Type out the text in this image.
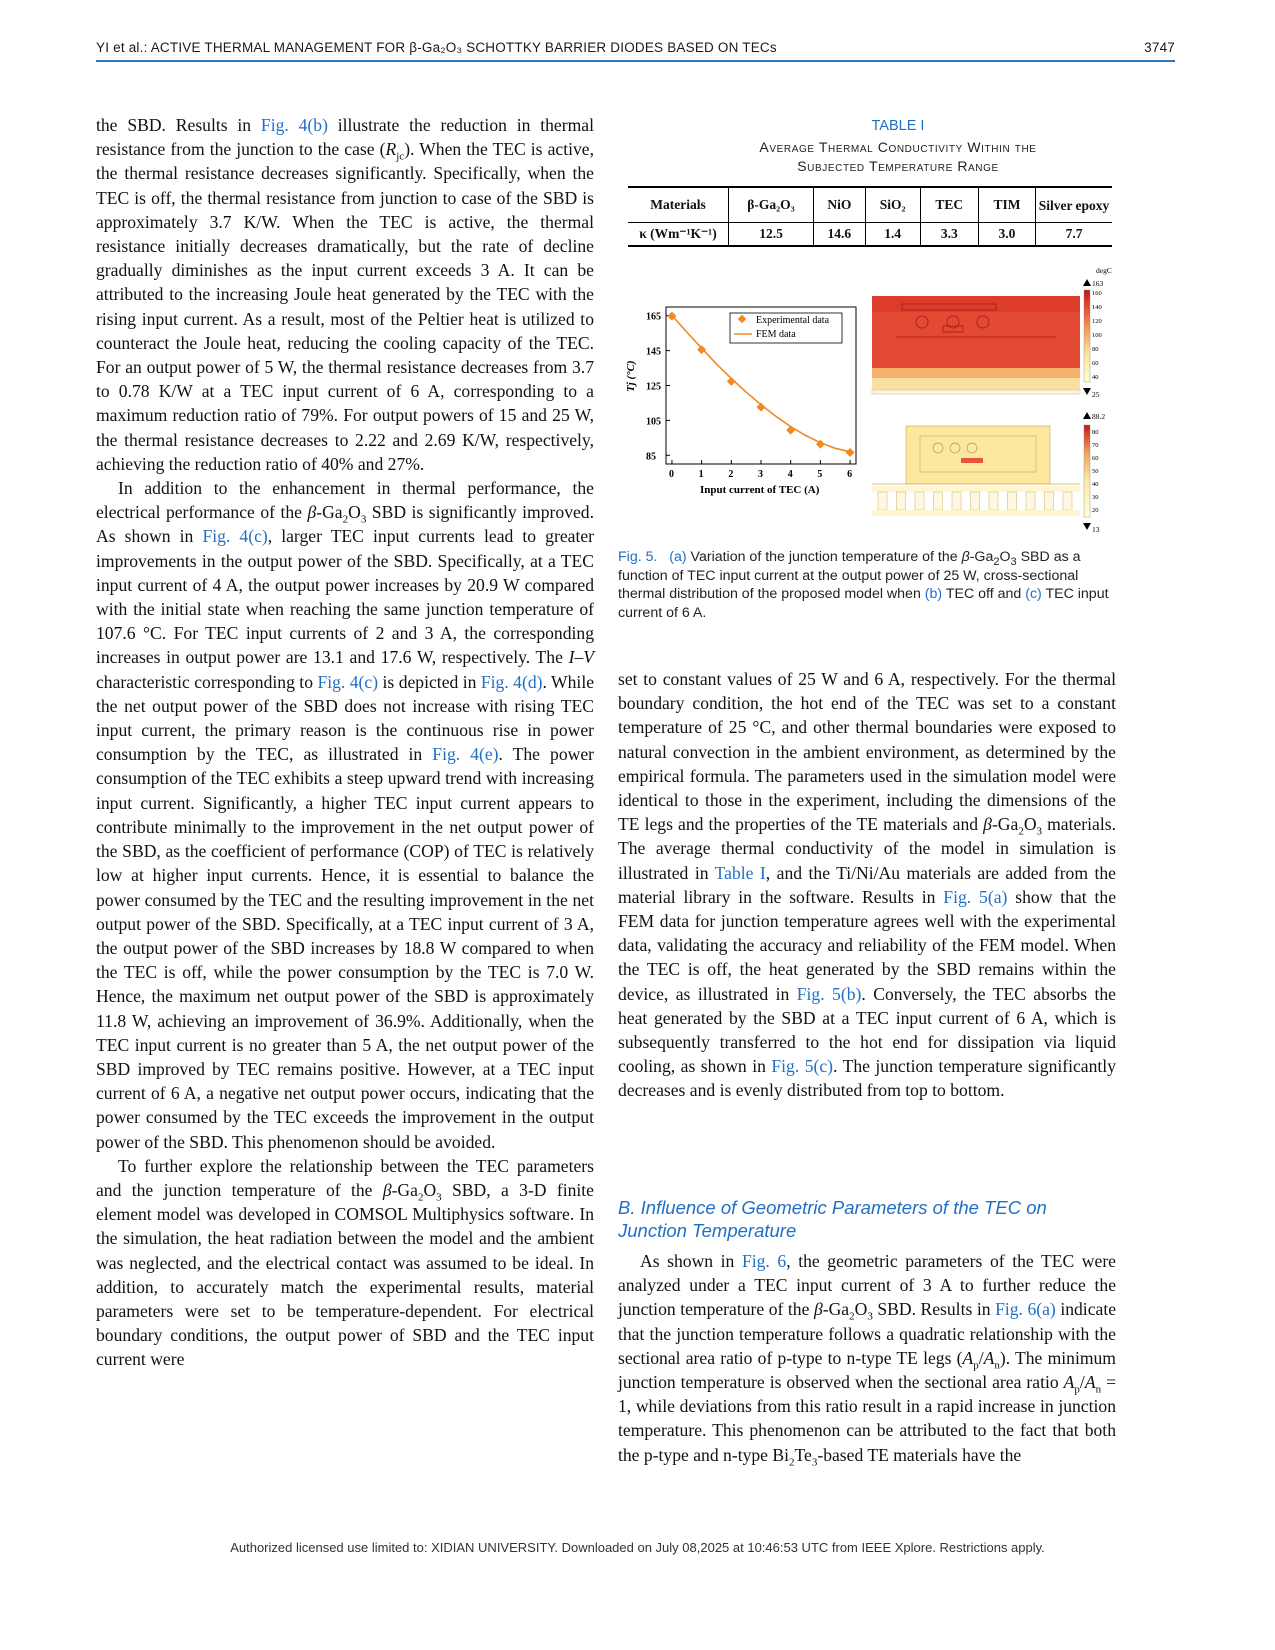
YI et al.: ACTIVE THERMAL MANAGEMENT FOR β-Ga₂O₃ SCHOTTKY BARRIER DIODES BASED ON TECs	3747

the SBD. Results in Fig. 4(b) illustrate the reduction in thermal resistance from the junction to the case $(R_{jc})$. When the TEC is active, the thermal resistance decreases significantly. Specifically, when the TEC is off, the thermal resistance from junction to case of the SBD is approximately 3.7 K/W. When the TEC is active, the thermal resistance initially decreases dramatically, but the rate of decline gradually diminishes as the input current exceeds 3 A. It can be attributed to the increasing Joule heat generated by the TEC with the rising input current. As a result, most of the Peltier heat is utilized to counteract the Joule heat, reducing the cooling capacity of the TEC. For an output power of 5 W, the thermal resistance decreases from 3.7 to 0.78 K/W at a TEC input current of 6 A, corresponding to a maximum reduction ratio of 79%. For output powers of 15 and 25 W, the thermal resistance decreases to 2.22 and 2.69 K/W, respectively, achieving the reduction ratio of 40% and 27%.

In addition to the enhancement in thermal performance, the electrical performance of the $\beta-Ga_2O_3$ SBD is significantly improved. As shown in Fig. 4(c), larger TEC input currents lead to greater improvements in the output power of the SBD. Specifically, at a TEC input current of 4 A, the output power increases by 20.9 W compared with the initial state when reaching the same junction temperature of 107.6 °C. For TEC input currents of 2 and 3 A, the corresponding increases in output power are 13.1 and 17.6 W, respectively. The I–V characteristic corresponding to Fig. 4(c) is depicted in Fig. 4(d). While the net output power of the SBD does not increase with rising TEC input current, the primary reason is the continuous rise in power consumption by the TEC, as illustrated in Fig. 4(e). The power consumption of the TEC exhibits a steep upward trend with increasing input current. Significantly, a higher TEC input current appears to contribute minimally to the improvement in the net output power of the SBD, as the coefficient of performance (COP) of TEC is relatively low at higher input currents. Hence, it is essential to balance the power consumed by the TEC and the resulting improvement in the net output power of the SBD. Specifically, at a TEC input current of 3 A, the output power of the SBD increases by 18.8 W compared to when the TEC is off, while the power consumption by the TEC is 7.0 W. Hence, the maximum net output power of the SBD is approximately 11.8 W, achieving an improvement of 36.9%. Additionally, when the TEC input current is no greater than 5 A, the net output power of the SBD improved by TEC remains positive. However, at a TEC input current of 6 A, a negative net output power occurs, indicating that the power consumed by the TEC exceeds the improvement in the output power of the SBD. This phenomenon should be avoided.

To further explore the relationship between the TEC parameters and the junction temperature of the $\beta-Ga_2O_3$ SBD, a 3-D finite element model was developed in COMSOL Multiphysics software. In the simulation, the heat radiation between the model and the ambient was neglected, and the electrical contact was assumed to be ideal. In addition, to accurately match the experimental results, material parameters were set to be temperature-dependent. For electrical boundary conditions, the output power of SBD and the TEC input current were

TABLE I
Average Thermal Conductivity Within the
Subjected Temperature Range
Materials	β-Ga₂O₃	NiO	SiO₂	TEC	TIM	Silver epoxy
κ (Wm⁻¹K⁻¹)	12.5	14.6	1.4	3.3	3.0	7.7
0 1 2 3 4 5 6
85
105
125
145
165	Experimental data
FEM data
Input current of TEC (A)
Tj (°C)
degC
163
160
140
120
100
80
60
40
25
88.2
80
70
60
50
40
30
20
13
Fig. 5. (a) Variation of the junction temperature of the $\beta-Ga_2O_3$ SBD as a function of TEC input current at the output power of 25 W, cross-sectional thermal distribution of the proposed model when (b) TEC off and (c) TEC input current of 6 A.

set to constant values of 25 W and 6 A, respectively. For the thermal boundary condition, the hot end of the TEC was set to a constant temperature of 25 °C, and other thermal boundaries were exposed to natural convection in the ambient environment, as determined by the empirical formula. The parameters used in the simulation model were identical to those in the experiment, including the dimensions of the TE legs and the properties of the TE materials and $\beta-Ga_2O_3$ materials. The average thermal conductivity of the model in simulation is illustrated in Table I, and the Ti/Ni/Au materials are added from the material library in the software. Results in Fig. 5(a) show that the FEM data for junction temperature agrees well with the experimental data, validating the accuracy and reliability of the FEM model. When the TEC is off, the heat generated by the SBD remains within the device, as illustrated in Fig. 5(b). Conversely, the TEC absorbs the heat generated by the SBD at a TEC input current of 6 A, which is subsequently transferred to the hot end for dissipation via liquid cooling, as shown in Fig. 5(c). The junction temperature significantly decreases and is evenly distributed from top to bottom.

B. Influence of Geometric Parameters of the TEC on Junction Temperature

As shown in Fig. 6, the geometric parameters of the TEC were analyzed under a TEC input current of 3 A to further reduce the junction temperature of the $\beta-Ga_2O_3$ SBD. Results in Fig. 6(a) indicate that the junction temperature follows a quadratic relationship with the sectional area ratio of p-type to n-type TE legs $(A_p/A_n)$. The minimum junction temperature is observed when the sectional area ratio $A_p/A_n = 1$, while deviations from this ratio result in a rapid increase in junction temperature. This phenomenon can be attributed to the fact that both the p-type and n-type $Bi_2Te_3$-based TE materials have the

Authorized licensed use limited to: XIDIAN UNIVERSITY. Downloaded on July 08,2025 at 10:46:53 UTC from IEEE Xplore. Restrictions apply.
